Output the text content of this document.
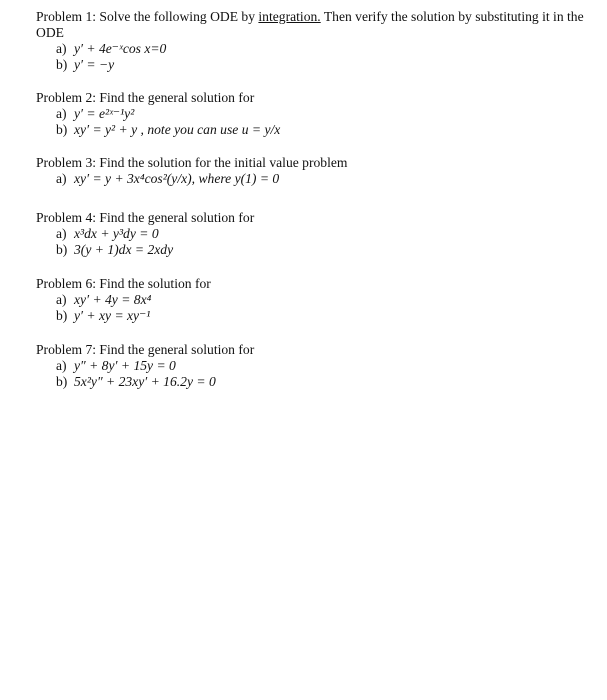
Problem 1: Solve the following ODE by integration. Then verify the solution by substituting it in the ODE

a) y′ + 4e⁻ˣcos x=0

b) y′ = −y

Problem 2: Find the general solution for

a) y′ = e²ˣ⁻¹y²

b) xy′ = y² + y , note you can use u = y/x

Problem 3: Find the solution for the initial value problem

a) xy′ = y + 3x⁴cos²(y/x), where y(1) = 0

Problem 4: Find the general solution for

a) x³dx + y³dy = 0

b) 3(y + 1)dx = 2xdy

Problem 6: Find the solution for

a) xy′ + 4y = 8x⁴

b) y′ + xy = xy⁻¹

Problem 7: Find the general solution for

a) y″ + 8y′ + 15y = 0

b) 5x²y″ + 23xy′ + 16.2y = 0
